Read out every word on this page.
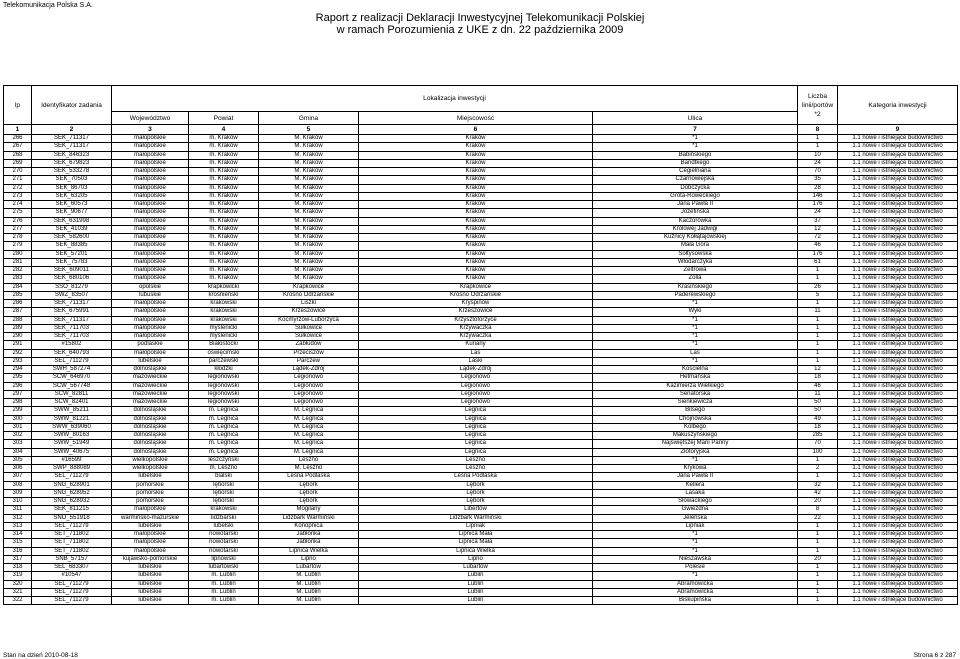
Telekomunikacja Polska S.A.
Raport z realizacji Deklaracji Inwestycyjnej Telekomunikacji Polskiej
w ramach Porozumienia z UKE z dn. 22 października 2009
lp	Identyfikator zadania	Lokalizacja inwestycji					Liczba linii/portów *2	Kategoria inwestycji
		Województwo	Powiat	Gmina	Miejscowość	Ulica		
1	2	3	4	5	6	7	8	9
266	SEK_711317	małopolskie	m. Kraków	M. Kraków	Kraków	*1	1	1.1 nowe i istniejące budownictwo
267	SEK_711317	małopolskie	m. Kraków	M. Kraków	Kraków	*1	1	1.1 nowe i istniejące budownictwo
268	SEK_846323	małopolskie	m. Kraków	M. Kraków	Kraków	Babińskiego	10	1.1 nowe i istniejące budownictwo
269	SEK_679823	małopolskie	m. Kraków	M. Kraków	Kraków	Bandtkego	24	1.1 nowe i istniejące budownictwo
270	SEK_533278	małopolskie	m. Kraków	M. Kraków	Kraków	Cegielniana	70	1.1 nowe i istniejące budownictwo
271	SEK_70503	małopolskie	m. Kraków	M. Kraków	Kraków	Czarnowiejska	35	1.1 nowe i istniejące budownictwo
272	SEK_86703	małopolskie	m. Kraków	M. Kraków	Kraków	Dobczycka	28	1.1 nowe i istniejące budownictwo
273	SEK_63205	małopolskie	m. Kraków	M. Kraków	Kraków	Grota-Roweckiego	146	1.1 nowe i istniejące budownictwo
274	SEK_60573	małopolskie	m. Kraków	M. Kraków	Kraków	Jana Pawła II	176	1.1 nowe i istniejące budownictwo
275	SEK_90677	małopolskie	m. Kraków	M. Kraków	Kraków	Józefińska	24	1.1 nowe i istniejące budownictwo
276	SEK_631998	małopolskie	m. Kraków	M. Kraków	Kraków	Kaczorówka	37	1.1 nowe i istniejące budownictwo
277	SEK_41039	małopolskie	m. Kraków	M. Kraków	Kraków	Królowej Jadwigi	12	1.1 nowe i istniejące budownictwo
278	SEK_582600	małopolskie	m. Kraków	M. Kraków	Kraków	Kuźnicy Kołłątajowskiej	72	1.1 nowe i istniejące budownictwo
279	SEK_88385	małopolskie	m. Kraków	M. Kraków	Kraków	Mała Góra	46	1.1 nowe i istniejące budownictwo
280	SEK_57201	małopolskie	m. Kraków	M. Kraków	Kraków	Sołtysowska	176	1.1 nowe i istniejące budownictwo
281	SEK_75783	małopolskie	m. Kraków	M. Kraków	Kraków	Włodarczyka	61	1.1 nowe i istniejące budownictwo
282	SEK_609011	małopolskie	m. Kraków	M. Kraków	Kraków	Żeltrowa	1	1.1 nowe i istniejące budownictwo
283	SEK_680106	małopolskie	m. Kraków	M. Kraków	Kraków	Zolla	1	1.1 nowe i istniejące budownictwo
284	SSO_81279	opolskie	krapkowicki	Krapkowice	Krapkowice	Krasińskiego	26	1.1 nowe i istniejące budownictwo
285	SWZ_83507	lubuskie	krośnieński	Krosno Odrzańskie	Krosno Odrzańskie	Paderewskiego	5	1.1 nowe i istniejące budownictwo
286	SEK_711317	małopolskie	krakowski	Liszki	Kryspinów	*1	1	1.1 nowe i istniejące budownictwo
287	SEK_675991	małopolskie	krakowski	Krzeszowice	Krzeszowice	Wyki	11	1.1 nowe i istniejące budownictwo
288	SEK_711317	małopolskie	krakowski	Kocmyrzów-Luborzyca	Krzysztoforzyce	*1	1	1.1 nowe i istniejące budownictwo
289	SEK_711703	małopolskie	myślenicki	Sułkowice	Krzywaczka	*1	1	1.1 nowe i istniejące budownictwo
290	SEK_711703	małopolskie	myślenicki	Sułkowice	Krzywaczka	*1	1	1.1 nowe i istniejące budownictwo
291	#15802	podlaskie	Białostocki	Zabłudów	Kuriany	*1	1	1.1 nowe i istniejące budownictwo
292	SEK_640793	małopolskie	oświęcimski	Przeciszów	Las	Las	1	1.1 nowe i istniejące budownictwo
293	SEL_711279	lubelskie	parczewski	Parczew	Laski	*1	1	1.1 nowe i istniejące budownictwo
294	SWH_587274	dolnośląskie	kłodzki	Lądek-Zdrój	Lądek-Zdrój	Kościelna	12	1.1 nowe i istniejące budownictwo
295	SCW_646970	mazowieckie	legionowski	Legionowo	Legionowo	Hetmańska	18	1.1 nowe i istniejące budownictwo
296	SCW_567748	mazowieckie	legionowski	Legionowo	Legionowo	Kazimierza Wielkiego	46	1.1 nowe i istniejące budownictwo
297	SCW_82811	mazowieckie	legionowski	Legionowo	Legionowo	Senatorska	11	1.1 nowe i istniejące budownictwo
298	SCW_82401	mazowieckie	legionowski	Legionowo	Legionowo	Sienkiewicza	50	1.1 nowe i istniejące budownictwo
299	SWW_85211	dolnośląskie	m. Legnica	M. Legnica	Legnica	Bilsego	50	1.1 nowe i istniejące budownictwo
300	SWW_81221	dolnośląskie	m. Legnica	M. Legnica	Legnica	Chojnowska	49	1.1 nowe i istniejące budownictwo
301	SWW_639060	dolnośląskie	m. Legnica	M. Legnica	Legnica	Kolbego	18	1.1 nowe i istniejące budownictwo
302	SWW_80163	dolnośląskie	m. Legnica	M. Legnica	Legnica	Makuszyńskiego	285	1.1 nowe i istniejące budownictwo
303	SWW_51949	dolnośląskie	m. Legnica	M. Legnica	Legnica	Najświętszej Marii Panny	70	1.1 nowe i istniejące budownictwo
304	SWW_40675	dolnośląskie	m. Legnica	M. Legnica	Legnica	Złotoryjska	100	1.1 nowe i istniejące budownictwo
305	#16599	wielkopolskie	leszczyński	Leszno	Leszno	*1	1	1.1 nowe i istniejące budownictwo
306	SWP_888089	wielkopolskie	m. Leszno	M. Leszno	Leszno	Krykowa	2	1.1 nowe i istniejące budownictwo
307	SEL_711279	lubelskie	bialski	Leśna Podlaska	Leśna Podlaska	Jana Pawła II	1	1.1 nowe i istniejące budownictwo
308	SNG_628901	pomorskie	lęborski	Lębork	Lębork	Kellera	32	1.1 nowe i istniejące budownictwo
309	SNG_628952	pomorskie	lęborski	Lębork	Lębork	Lasaka	42	1.1 nowe i istniejące budownictwo
310	SNG_628932	pomorskie	lęborski	Lębork	Lębork	Słowackiego	20	1.1 nowe i istniejące budownictwo
311	SEK_811215	małopolskie	krakowski	Mogilany	Libertów	Gwiezdna	8	1.1 nowe i istniejące budownictwo
312	SNO_551918	warmińsko-mazurskie	lidzbarski	Lidzbark Warmiński	Lidzbark Warmiński	Jeleńska	22	1.1 nowe i istniejące budownictwo
313	SEL_711279	lubelskie	lubelski	Konopnica	Lipniak	Lipniak	1	1.1 nowe i istniejące budownictwo
314	SET_711802	małopolskie	nowotarski	Jabłonka	Lipnica Mała	*1	1	1.1 nowe i istniejące budownictwo
315	SET_711802	małopolskie	nowotarski	Jabłonka	Lipnica Mała	*1	1	1.1 nowe i istniejące budownictwo
316	SET_711802	małopolskie	nowotarski	Lipnica Wielka	Lipnica Wielka	*1	1	1.1 nowe i istniejące budownictwo
317	SNB_57157	kujawsko-pomorskie	lipnowski	Lipno	Lipno	Nieszawska	20	1.1 nowe i istniejące budownictwo
318	SEL_683307	lubelskie	lubartowski	Lubartów	Lubartów	Polesie	1	1.1 nowe i istniejące budownictwo
319	#10547	lubelskie	m. Lublin	M. Lublin	Lublin	*1	1	1.1 nowe i istniejące budownictwo
320	SEL_711279	lubelskie	m. Lublin	M. Lublin	Lublin	Abramowicka	1	1.1 nowe i istniejące budownictwo
321	SEL_711279	lubelskie	m. Lublin	M. Lublin	Lublin	Abramowicka	1	1.1 nowe i istniejące budownictwo
322	SEL_711279	lubelskie	m. Lublin	M. Lublin	Lublin	Biskupińska	1	1.1 nowe i istniejące budownictwo
Stan na dzień 2010-08-18	Strona 6 z 287
